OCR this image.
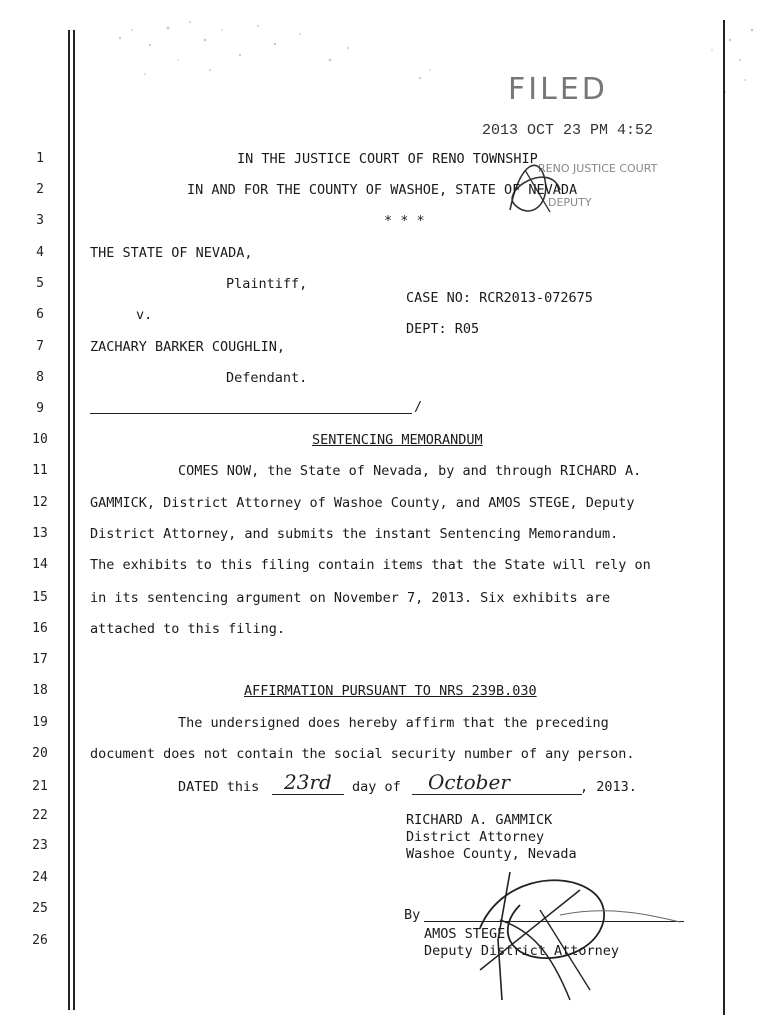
FILED
2013 OCT 23 PM 4:52
RENO JUSTICE COURT
DEPUTY
1
2
3
4
5
6
7
8
9
10
11
12
13
14
15
16
17
18
19
20
21
22
23
24
25
26
IN THE JUSTICE COURT OF RENO TOWNSHIP
IN AND FOR THE COUNTY OF WASHOE, STATE OF NEVADA
* * *
THE STATE OF NEVADA,
Plaintiff,
CASE NO: RCR2013-072675
v.
DEPT: R05
ZACHARY BARKER COUGHLIN,
Defendant.
/
SENTENCING MEMORANDUM
COMES NOW, the State of Nevada, by and through RICHARD A.
GAMMICK, District Attorney of Washoe County, and AMOS STEGE, Deputy
District Attorney, and submits the instant Sentencing Memorandum.
The exhibits to this filing contain items that the State will rely on
in its sentencing argument on November 7, 2013. Six exhibits are
attached to this filing.
AFFIRMATION PURSUANT TO NRS 239B.030
The undersigned does hereby affirm that the preceding
document does not contain the social security number of any person.
DATED this 23rd day of October	, 2013.
RICHARD A. GAMMICK
District Attorney
Washoe County, Nevada
By
AMOS STEGE
Deputy District Attorney
